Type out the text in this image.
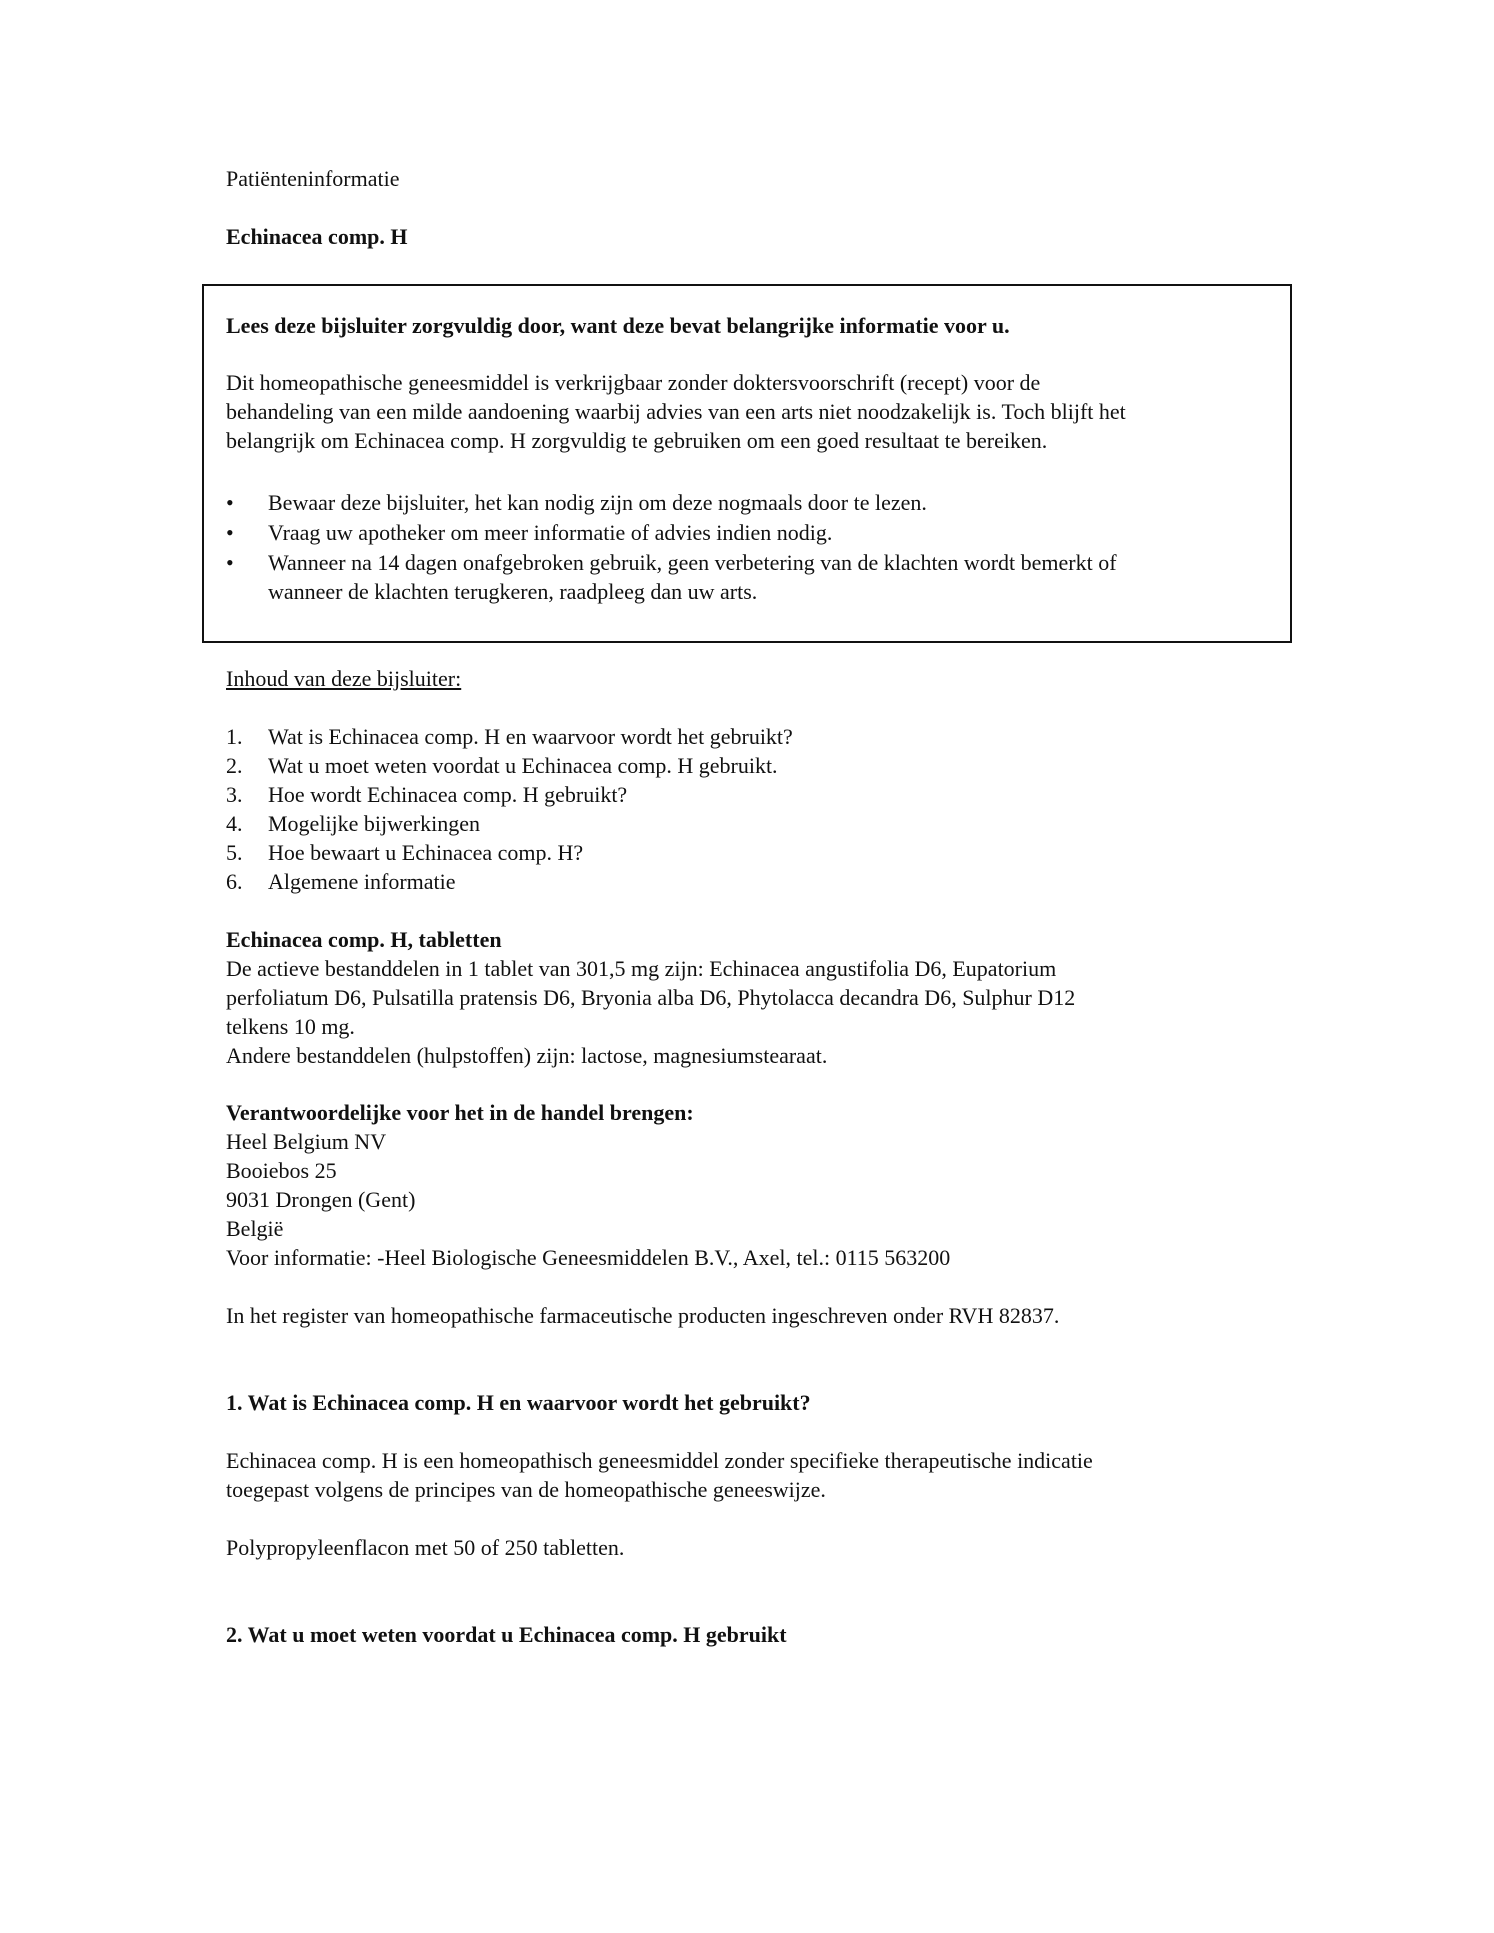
Patiënteninformatie
Echinacea comp. H
Lees deze bijsluiter zorgvuldig door, want deze bevat belangrijke informatie voor u.
Dit homeopathische geneesmiddel is verkrijgbaar zonder doktersvoorschrift (recept) voor de
behandeling van een milde aandoening waarbij advies van een arts niet noodzakelijk is. Toch blijft het
belangrijk om Echinacea comp. H zorgvuldig te gebruiken om een goed resultaat te bereiken.
• Bewaar deze bijsluiter, het kan nodig zijn om deze nogmaals door te lezen.
• Vraag uw apotheker om meer informatie of advies indien nodig.
• Wanneer na 14 dagen onafgebroken gebruik, geen verbetering van de klachten wordt bemerkt of
wanneer de klachten terugkeren, raadpleeg dan uw arts.
Inhoud van deze bijsluiter:
1. Wat is Echinacea comp. H en waarvoor wordt het gebruikt?
2. Wat u moet weten voordat u Echinacea comp. H gebruikt.
3. Hoe wordt Echinacea comp. H gebruikt?
4. Mogelijke bijwerkingen
5. Hoe bewaart u Echinacea comp. H?
6. Algemene informatie
Echinacea comp. H, tabletten
De actieve bestanddelen in 1 tablet van 301,5 mg zijn: Echinacea angustifolia D6, Eupatorium
perfoliatum D6, Pulsatilla pratensis D6, Bryonia alba D6, Phytolacca decandra D6, Sulphur D12
telkens 10 mg.
Andere bestanddelen (hulpstoffen) zijn: lactose, magnesiumstearaat.
Verantwoordelijke voor het in de handel brengen:
Heel Belgium NV
Booiebos 25
9031 Drongen (Gent)
België
Voor informatie: -Heel Biologische Geneesmiddelen B.V., Axel, tel.: 0115 563200
In het register van homeopathische farmaceutische producten ingeschreven onder RVH 82837.
1. Wat is Echinacea comp. H en waarvoor wordt het gebruikt?
Echinacea comp. H is een homeopathisch geneesmiddel zonder specifieke therapeutische indicatie
toegepast volgens de principes van de homeopathische geneeswijze.
Polypropyleenflacon met 50 of 250 tabletten.
2. Wat u moet weten voordat u Echinacea comp. H gebruikt
